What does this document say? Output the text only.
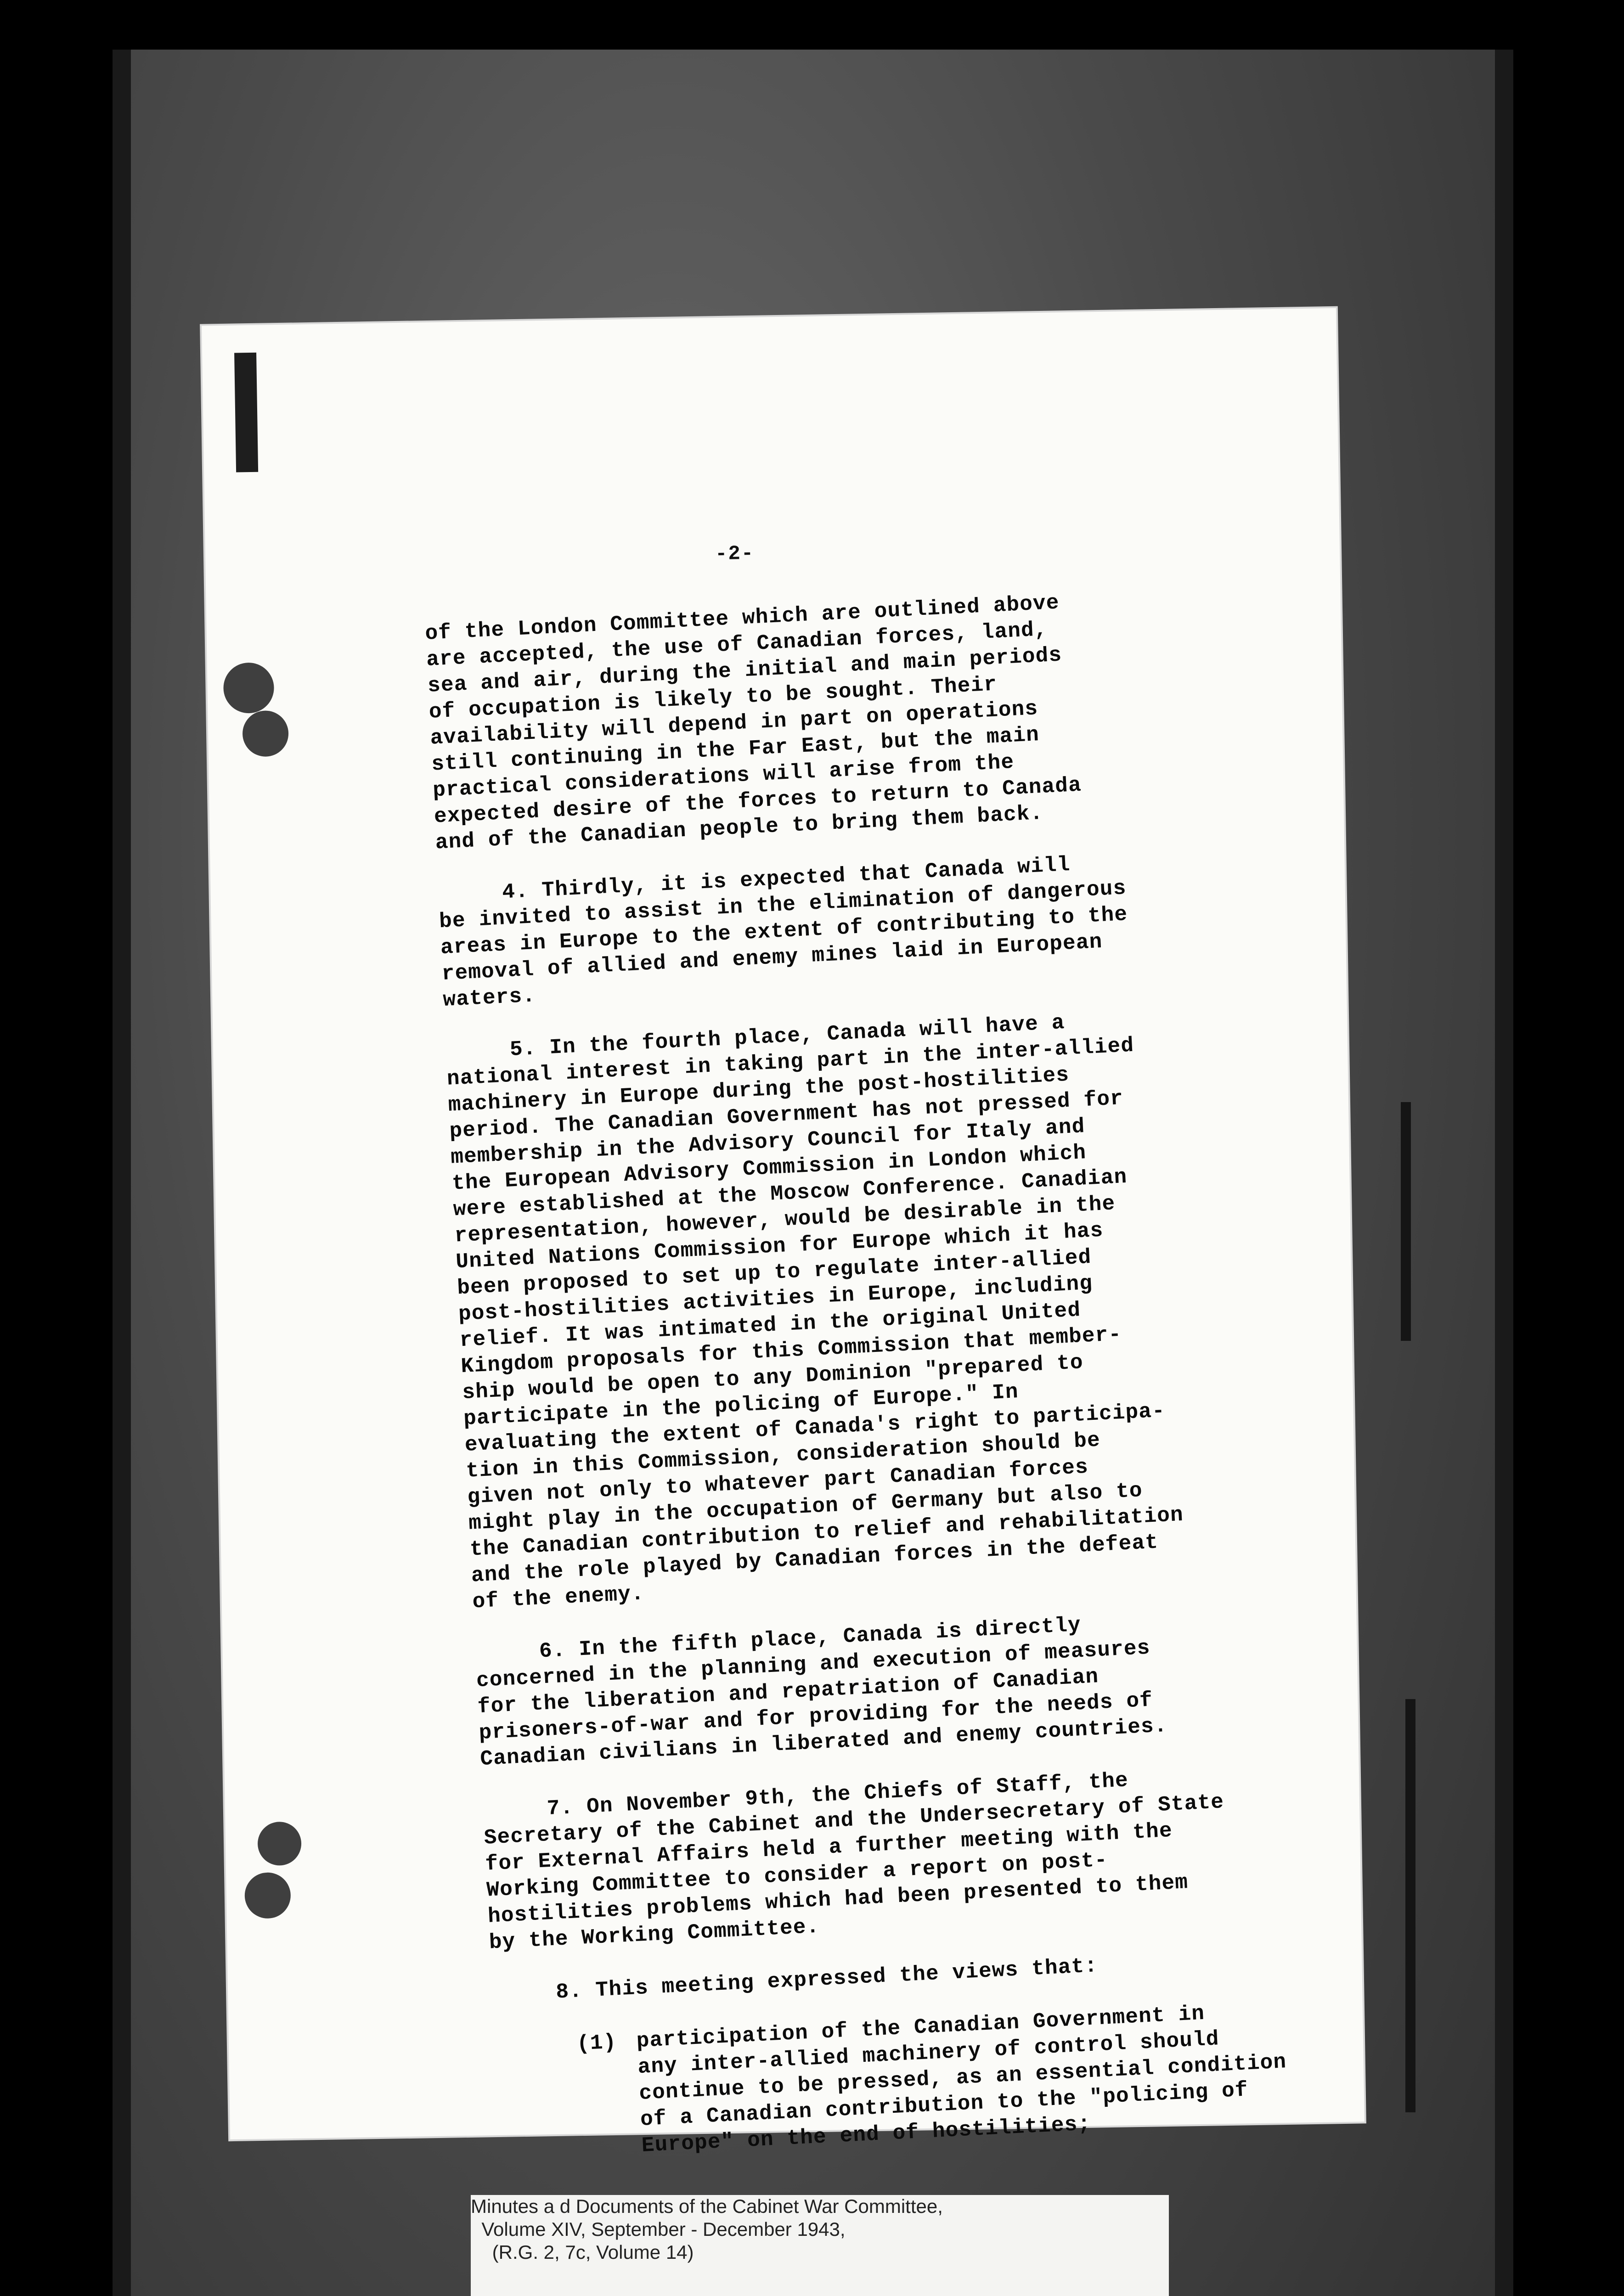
-2-

of the London Committee which are outlined above
are accepted, the use of Canadian forces, land,
sea and air, during the initial and main periods
of occupation is likely to be sought. Their
availability will depend in part on operations
still continuing in the Far East, but the main
practical considerations will arise from the
expected desire of the forces to return to Canada
and of the Canadian people to bring them back.

4. Thirdly, it is expected that Canada will
be invited to assist in the elimination of dangerous
areas in Europe to the extent of contributing to the
removal of allied and enemy mines laid in European
waters.

5. In the fourth place, Canada will have a
national interest in taking part in the inter-allied
machinery in Europe during the post-hostilities
period. The Canadian Government has not pressed for
membership in the Advisory Council for Italy and
the European Advisory Commission in London which
were established at the Moscow Conference. Canadian
representation, however, would be desirable in the
United Nations Commission for Europe which it has
been proposed to set up to regulate inter-allied
post-hostilities activities in Europe, including
relief. It was intimated in the original United
Kingdom proposals for this Commission that member-
ship would be open to any Dominion "prepared to
participate in the policing of Europe." In
evaluating the extent of Canada's right to participa-
tion in this Commission, consideration should be
given not only to whatever part Canadian forces
might play in the occupation of Germany but also to
the Canadian contribution to relief and rehabilitation
and the role played by Canadian forces in the defeat
of the enemy.

6. In the fifth place, Canada is directly
concerned in the planning and execution of measures
for the liberation and repatriation of Canadian
prisoners-of-war and for providing for the needs of
Canadian civilians in liberated and enemy countries.

7. On November 9th, the Chiefs of Staff, the
Secretary of the Cabinet and the Undersecretary of State
for External Affairs held a further meeting with the
Working Committee to consider a report on post-
hostilities problems which had been presented to them
by the Working Committee.

8. This meeting expressed the views that:

(1) participation of the Canadian Government in
any inter-allied machinery of control should
continue to be pressed, as an essential condition
of a Canadian contribution to the "policing of
Europe" on the end of hostilities;
Minutes a d Documents of the Cabinet War Committee,
Volume XIV, September - December 1943,
(R.G. 2, 7c, Volume 14)
